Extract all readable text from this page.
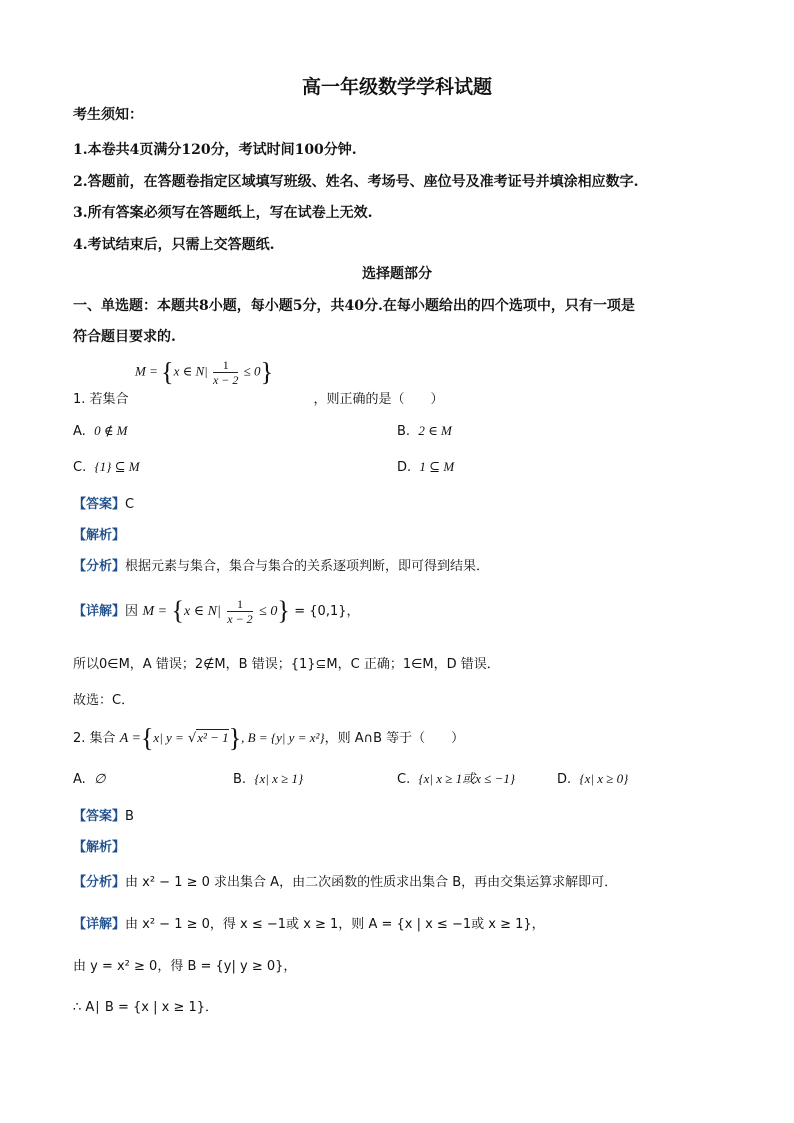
高一年级数学学科试题
考生须知：
1.本卷共4页满分120分，考试时间100分钟.
2.答题前，在答题卷指定区域填写班级、姓名、考场号、座位号及准考证号并填涂相应数字.
3.所有答案必须写在答题纸上，写在试卷上无效.
4.考试结束后，只需上交答题纸.
选择题部分
一、单选题：本题共8小题，每小题5分，共40分.在每小题给出的四个选项中，只有一项是
符合题目要求的.
M = {x ∈ $N| \frac{1}{x - 2} \le 0$}
1. 若集合	，则正确的是（　　）
A. 0 ∉ M	B. 2 ∈ M
C. {1} ⊆ M	D. 1 ⊆ M
【答案】C
【解析】
【分析】根据元素与集合，集合与集合的关系逐项判断，即可得到结果．
【详解】因 M = {x ∈ $N| \frac{1}{x - 2} \le 0\} = \{0,1\}$，
所以0∈M，A 错误；2∉M，B 错误；{1}⊆M，C 正确；1∈M，D 错误．
故选：C．
2. 集合 A ={x| y = √x² − 1}, B = {y| y = x²}，则 A∩B 等于（　　）
A. ∅	B. {x| x ≥ 1}	C. {x| x ≥ 1或x ≤ −1}	D. {x| x ≥ 0}
【答案】B
【解析】
【分析】由 x² − 1 ≥ 0 求出集合 A，由二次函数的性质求出集合 B，再由交集运算求解即可．
【详解】由 x² − 1 ≥ 0，得 x ≤ −1或 x ≥ 1，则 A = {x | x ≤ −1或 x ≥ 1}，
由 y = x² ≥ 0，得 B = {y| y ≥ 0}，
∴ A∣ B = {x | x ≥ 1}．
